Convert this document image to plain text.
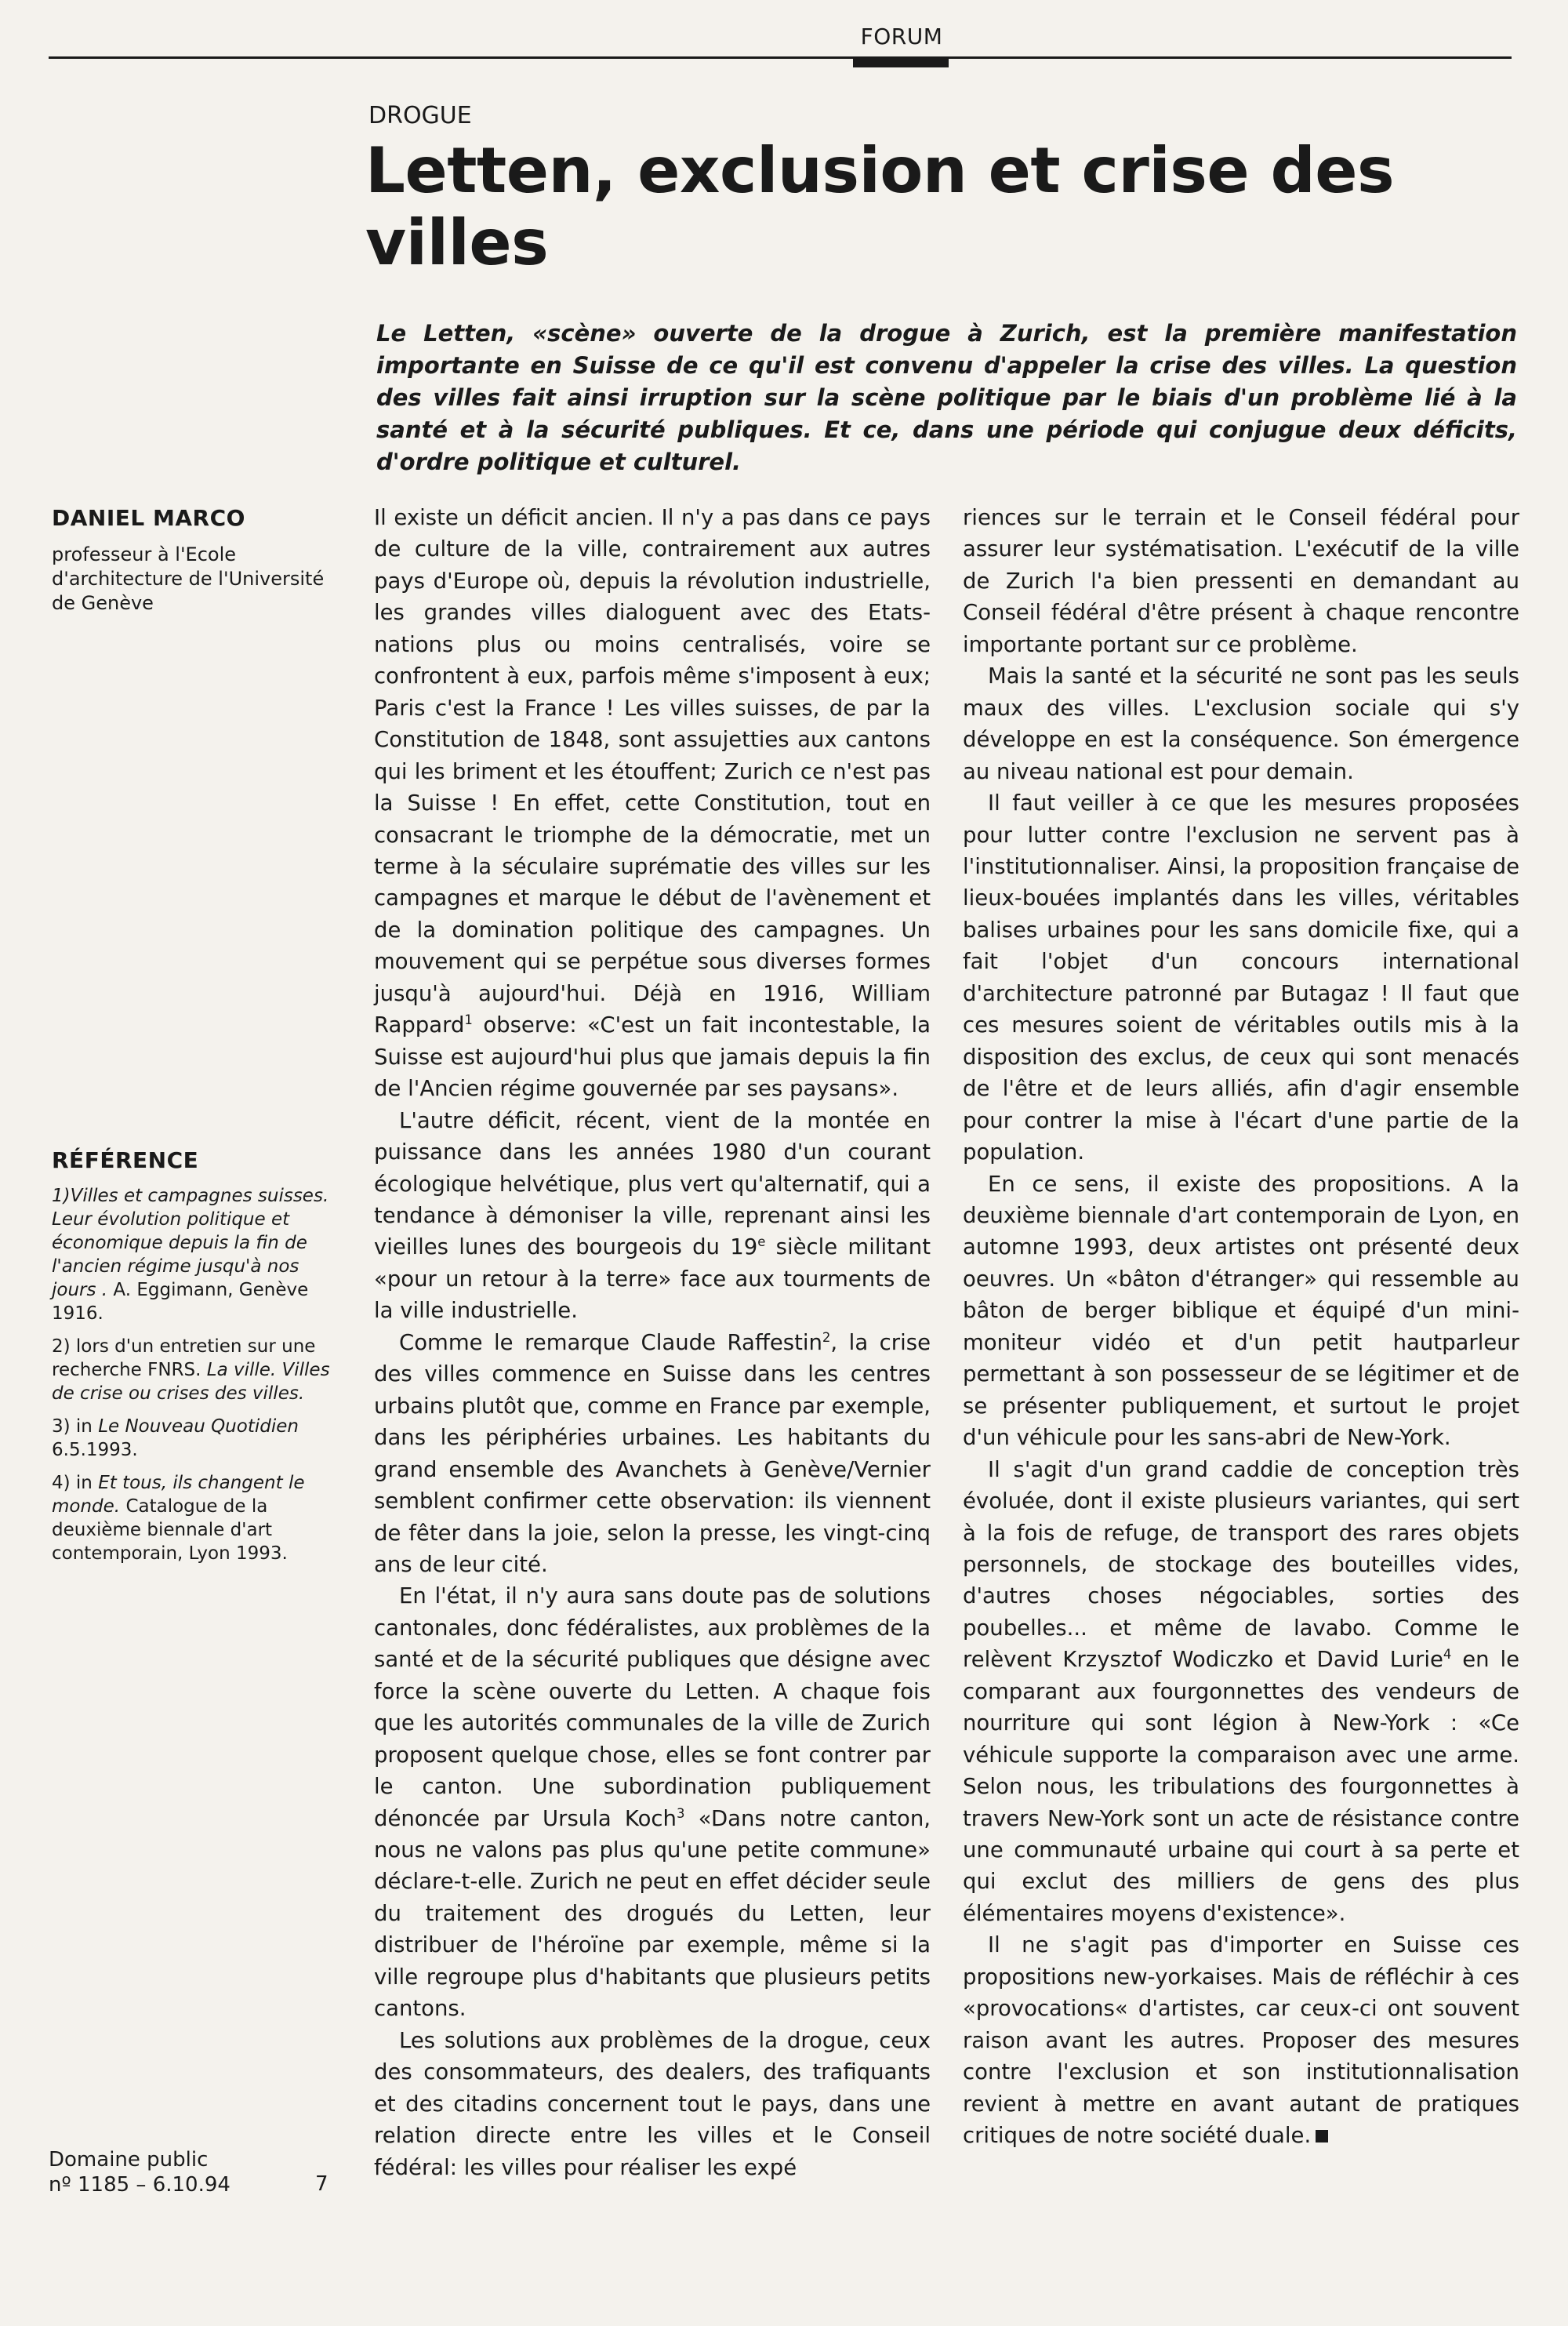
FORUM
DROGUE
Letten, exclusion et crise des villes

Le Letten, «scène» ouverte de la drogue à Zurich, est la première manifestation importante en Suisse de ce qu'il est convenu d'appeler la crise des villes. La question des villes fait ainsi irruption sur la scène politique par le biais d'un problème lié à la santé et à la sécurité publiques. Et ce, dans une période qui conjugue deux déficits, d'ordre politique et culturel.

DANIEL MARCO

professeur à l'Ecole d'architecture de l'Université de Genève

RÉFÉRENCE
1)Villes et campagnes suisses. Leur évolution politique et économique depuis la fin de l'ancien régime jusqu'à nos jours . A. Eggimann, Genève 1916.
2) lors d'un entretien sur une recherche FNRS. La ville. Villes de crise ou crises des villes.
3) in Le Nouveau Quotidien 6.5.1993.
4) in Et tous, ils changent le monde. Catalogue de la deuxième biennale d'art contemporain, Lyon 1993.
Domaine public
nº 1185 – 6.10.94	7

Il existe un déficit ancien. Il n'y a pas dans ce pays de culture de la ville, contrairement aux autres pays d'Europe où, depuis la révolution industrielle, les grandes villes dialoguent avec des Etats-nations plus ou moins centralisés, voire se confrontent à eux, parfois même s'imposent à eux; Paris c'est la France ! Les villes suisses, de par la Constitution de 1848, sont assujetties aux cantons qui les briment et les étouffent; Zurich ce n'est pas la Suisse ! En effet, cette Constitution, tout en consacrant le triomphe de la démocratie, met un terme à la séculaire suprématie des villes sur les campagnes et marque le début de l'avènement et de la domination politique des campagnes. Un mouvement qui se perpétue sous diverses formes jusqu'à aujourd'hui. Déjà en 1916, William Rappard$^1$ observe: «C'est un fait incontestable, la Suisse est aujourd'hui plus que jamais depuis la fin de l'Ancien régime gouvernée par ses paysans».

L'autre déficit, récent, vient de la montée en puissance dans les années 1980 d'un courant écologique helvétique, plus vert qu'alternatif, qui a tendance à démoniser la ville, reprenant ainsi les vieilles lunes des bourgeois du 19e siècle militant «pour un retour à la terre» face aux tourments de la ville industrielle.

Comme le remarque Claude Raffestin$^2$, la crise des villes commence en Suisse dans les centres urbains plutôt que, comme en France par exemple, dans les périphéries urbaines. Les habitants du grand ensemble des Avanchets à Genève/Vernier semblent confirmer cette observation: ils viennent de fêter dans la joie, selon la presse, les vingt-cinq ans de leur cité.

En l'état, il n'y aura sans doute pas de solutions cantonales, donc fédéralistes, aux problèmes de la santé et de la sécurité publiques que désigne avec force la scène ouverte du Letten. A chaque fois que les autorités communales de la ville de Zurich proposent quelque chose, elles se font contrer par le canton. Une subordination publiquement dénoncée par Ursula Koch$^3$ «Dans notre canton, nous ne valons pas plus qu'une petite commune» déclare-t-elle. Zurich ne peut en effet décider seule du traitement des drogués du Letten, leur distribuer de l'héroïne par exemple, même si la ville regroupe plus d'habitants que plusieurs petits cantons.

Les solutions aux problèmes de la drogue, ceux des consommateurs, des dealers, des trafiquants et des citadins concernent tout le pays, dans une relation directe entre les villes et le Conseil fédéral: les villes pour réaliser les expé

riences sur le terrain et le Conseil fédéral pour assurer leur systématisation. L'exécutif de la ville de Zurich l'a bien pressenti en demandant au Conseil fédéral d'être présent à chaque rencontre importante portant sur ce problème.

Mais la santé et la sécurité ne sont pas les seuls maux des villes. L'exclusion sociale qui s'y développe en est la conséquence. Son émergence au niveau national est pour demain.

Il faut veiller à ce que les mesures proposées pour lutter contre l'exclusion ne servent pas à l'institutionnaliser. Ainsi, la proposition française de lieux-bouées implantés dans les villes, véritables balises urbaines pour les sans domicile fixe, qui a fait l'objet d'un concours international d'architecture patronné par Butagaz ! Il faut que ces mesures soient de véritables outils mis à la disposition des exclus, de ceux qui sont menacés de l'être et de leurs alliés, afin d'agir ensemble pour contrer la mise à l'écart d'une partie de la population.

En ce sens, il existe des propositions. A la deuxième biennale d'art contemporain de Lyon, en automne 1993, deux artistes ont présenté deux oeuvres. Un «bâton d'étranger» qui ressemble au bâton de berger biblique et équipé d'un mini-moniteur vidéo et d'un petit hautparleur permettant à son possesseur de se légitimer et de se présenter publiquement, et surtout le projet d'un véhicule pour les sans-abri de New-York.

Il s'agit d'un grand caddie de conception très évoluée, dont il existe plusieurs variantes, qui sert à la fois de refuge, de transport des rares objets personnels, de stockage des bouteilles vides, d'autres choses négociables, sorties des poubelles... et même de lavabo. Comme le relèvent Krzysztof Wodiczko et David Lurie$^4$ en le comparant aux fourgonnettes des vendeurs de nourriture qui sont légion à New-York : «Ce véhicule supporte la comparaison avec une arme. Selon nous, les tribulations des fourgonnettes à travers New-York sont un acte de résistance contre une communauté urbaine qui court à sa perte et qui exclut des milliers de gens des plus élémentaires moyens d'existence».

Il ne s'agit pas d'importer en Suisse ces propositions new-yorkaises. Mais de réfléchir à ces «provocations« d'artistes, car ceux-ci ont souvent raison avant les autres. Proposer des mesures contre l'exclusion et son institutionnalisation revient à mettre en avant autant de pratiques critiques de notre société duale.
